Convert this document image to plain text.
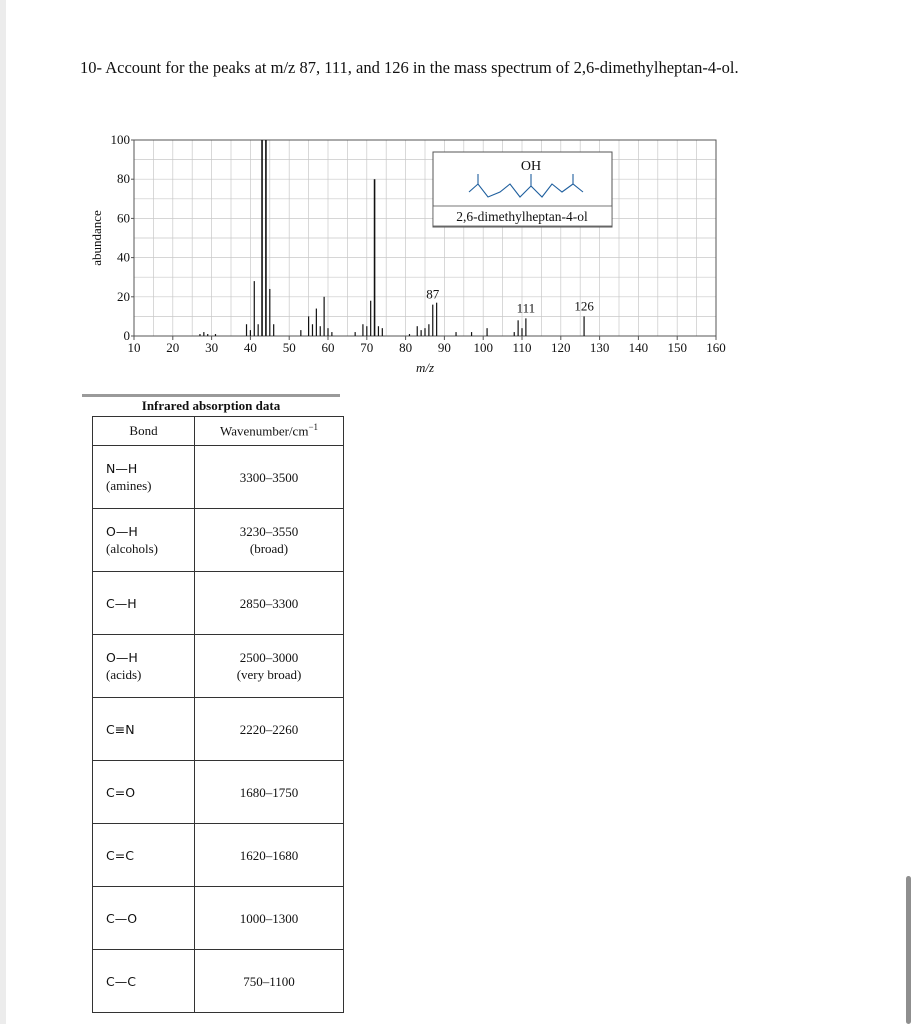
10- Account for the peaks at m/z 87, 111, and 126 in the mass spectrum of 2,6-dimethylheptan-4-ol.
0
20
40
60
80
100
10 20 30 40 50 60 70 80 90 100 110 120 130 140 150 160
abundance
m/z
87
111	126
OH
2,6-dimethylheptan-4-ol
Infrared absorption data
Bond	Wavenumber/$cm^{-1}$

N—H
(amines)	3300–3500

O—H
(alcohols)	3230–3550
(broad)

C—H	2850–3300

O—H
(acids)	2500–3000
(very broad)

C≡N	2220–2260

C=O	1680–1750

C=C	1620–1680

C—O	1000–1300

C—C	750–1100
